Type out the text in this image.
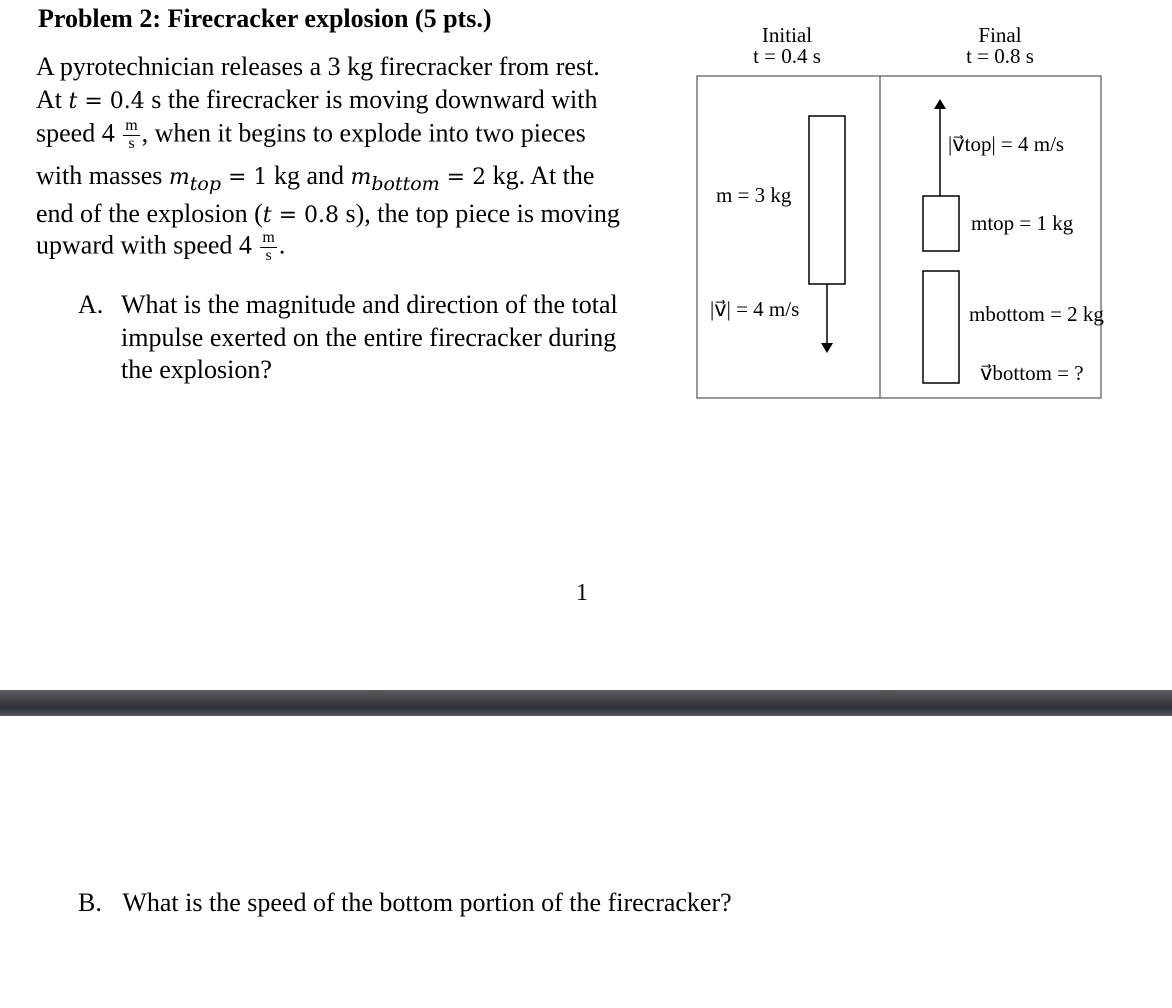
Problem 2: Firecracker explosion (5 pts.)
A pyrotechnician releases a 3 kg firecracker from rest.
At t = 0.4 s the firecracker is moving downward with
speed $4 \frac{m}{s}$ , when it begins to explode into two pieces
with masses $m_{top} = 1$ kg and $m_{bottom} = 2$ kg. At the
end of the explosion (t = 0.8 s), the top piece is moving
upward with speed $4 \frac{m}{s}$ .
A. What is the magnitude and direction of the total
impulse exerted on the entire firecracker during
the explosion?
1
Initial
t = 0.4 s
Final
t = 0.8 s
m = 3 kg
|v⃗| = 4 m/s
|v⃗top| = 4 m/s
mtop = 1 kg
mbottom = 2 kg
v⃗bottom = ?
B. What is the speed of the bottom portion of the firecracker?
